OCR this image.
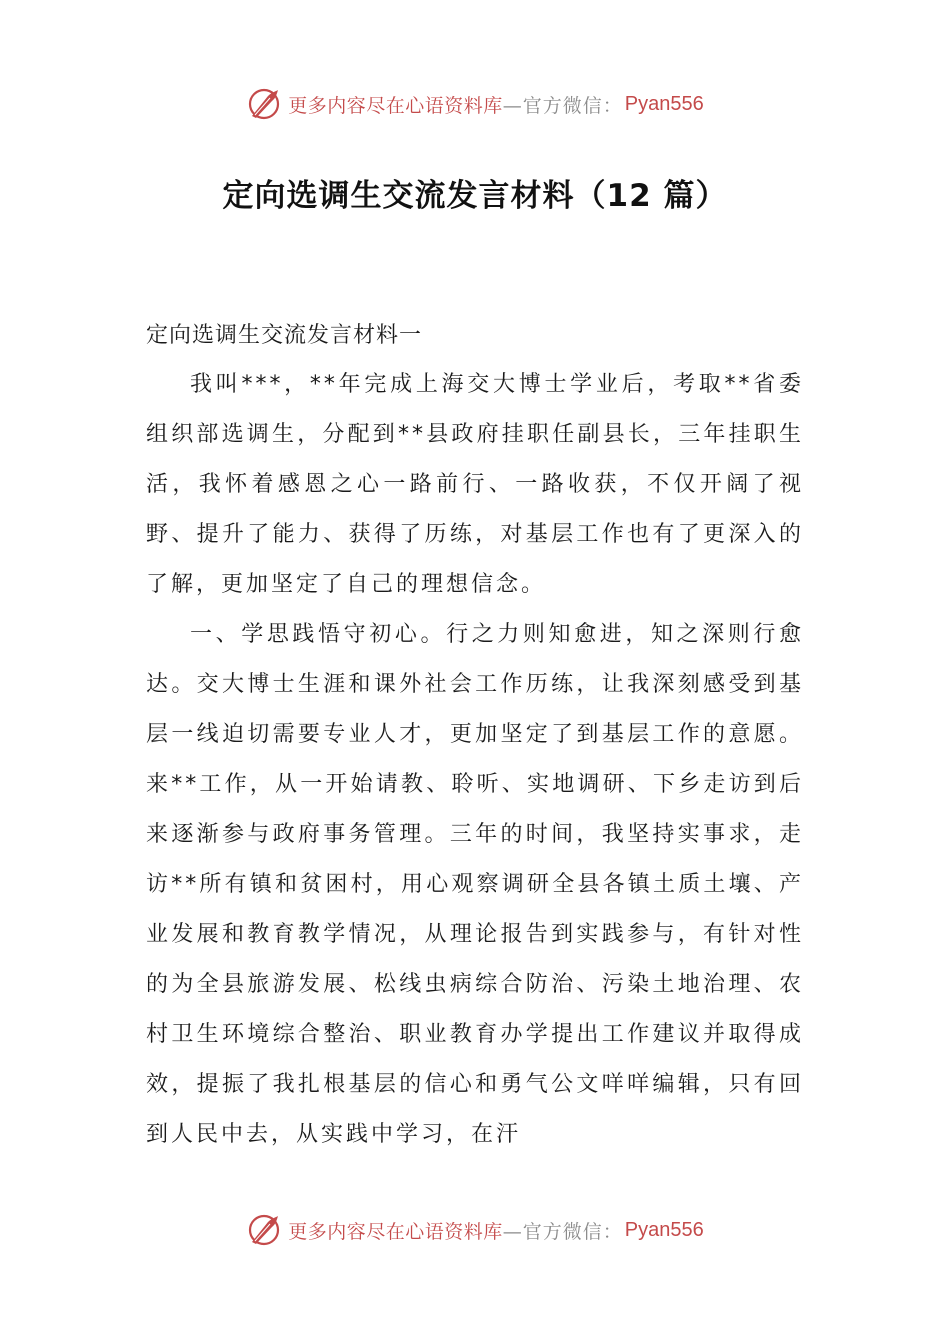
更多内容尽在心语资料库 —官方微信： Pyan556
定向选调生交流发言材料（12 篇）
定向选调生交流发言材料一

我叫***，**年完成上海交大博士学业后，考取**省委组织部选调生，分配到**县政府挂职任副县长，三年挂职生活，我怀着感恩之心一路前行、一路收获，不仅开阔了视野、提升了能力、获得了历练，对基层工作也有了更深入的了解，更加坚定了自己的理想信念。

一、学思践悟守初心。行之力则知愈进，知之深则行愈达。交大博士生涯和课外社会工作历练，让我深刻感受到基层一线迫切需要专业人才，更加坚定了到基层工作的意愿。来**工作，从一开始请教、聆听、实地调研、下乡走访到后来逐渐参与政府事务管理。三年的时间，我坚持实事求，走访**所有镇和贫困村，用心观察调研全县各镇土质土壤、产业发展和教育教学情况，从理论报告到实践参与，有针对性的为全县旅游发展、松线虫病综合防治、污染土地治理、农村卫生环境综合整治、职业教育办学提出工作建议并取得成效，提振了我扎根基层的信心和勇气公文咩咩编辑，只有回到人民中去，从实践中学习，在汗

更多内容尽在心语资料库 —官方微信： Pyan556
